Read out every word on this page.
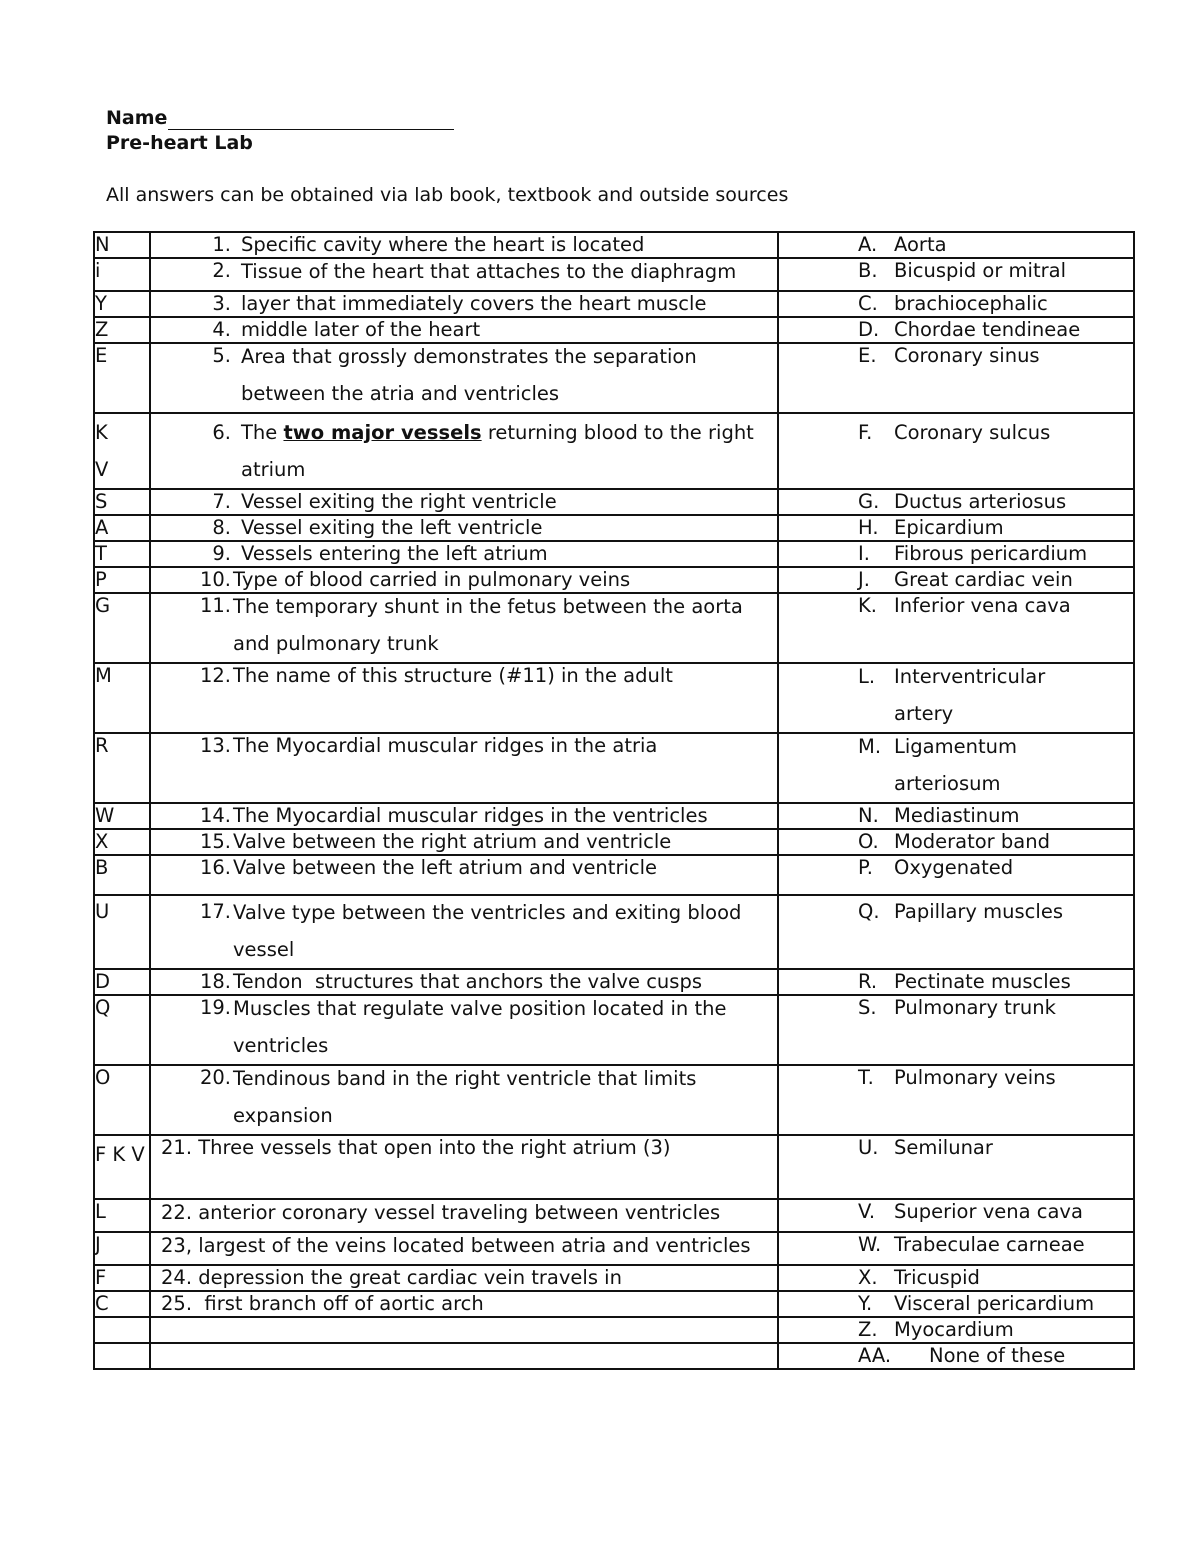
Name
Pre-heart Lab
All answers can be obtained via lab book, textbook and outside sources
N	1. Specific cavity where the heart is located	A. Aorta

i	2. Tissue of the heart that attaches to the diaphragm	B. Bicuspid or mitral

Y	3. layer that immediately covers the heart muscle	C. brachiocephalic

Z	4. middle later of the heart	D. Chordae tendineae

E	5. Area that grossly demonstrates the separation between the atria and ventricles	E. Coronary sinus

K V	6. The two major vessels returning blood to the right atrium	F. Coronary sulcus

S	7. Vessel exiting the right ventricle	G. Ductus arteriosus

A	8. Vessel exiting the left ventricle	H. Epicardium

T	9. Vessels entering the left atrium	I. Fibrous pericardium

P	10. Type of blood carried in pulmonary veins	J. Great cardiac vein

G	11. The temporary shunt in the fetus between the aorta and pulmonary trunk	K. Inferior vena cava

M	12. The name of this structure (#11) in the adult	L. Interventricular artery

R	13. The Myocardial muscular ridges in the atria	M. Ligamentum arteriosum

W	14. The Myocardial muscular ridges in the ventricles	N. Mediastinum

X	15. Valve between the right atrium and ventricle	O. Moderator band

B	16. Valve between the left atrium and ventricle	P. Oxygenated

U	17. Valve type between the ventricles and exiting blood vessel	Q. Papillary muscles

D	18. Tendon  structures that anchors the valve cusps	R. Pectinate muscles

Q	19. Muscles that regulate valve position located in the ventricles	S. Pulmonary trunk

O	20. Tendinous band in the right ventricle that limits expansion	T. Pulmonary veins

F K V	21. Three vessels that open into the right atrium (3)	U. Semilunar

L	22. anterior coronary vessel traveling between ventricles	V. Superior vena cava

J	23, largest of the veins located between atria and ventricles	W. Trabeculae carneae

F	24. depression the great cardiac vein travels in	X. Tricuspid

C	25.  first branch off of aortic arch	Y. Visceral pericardium

		Z. Myocardium

		AA. None of these
